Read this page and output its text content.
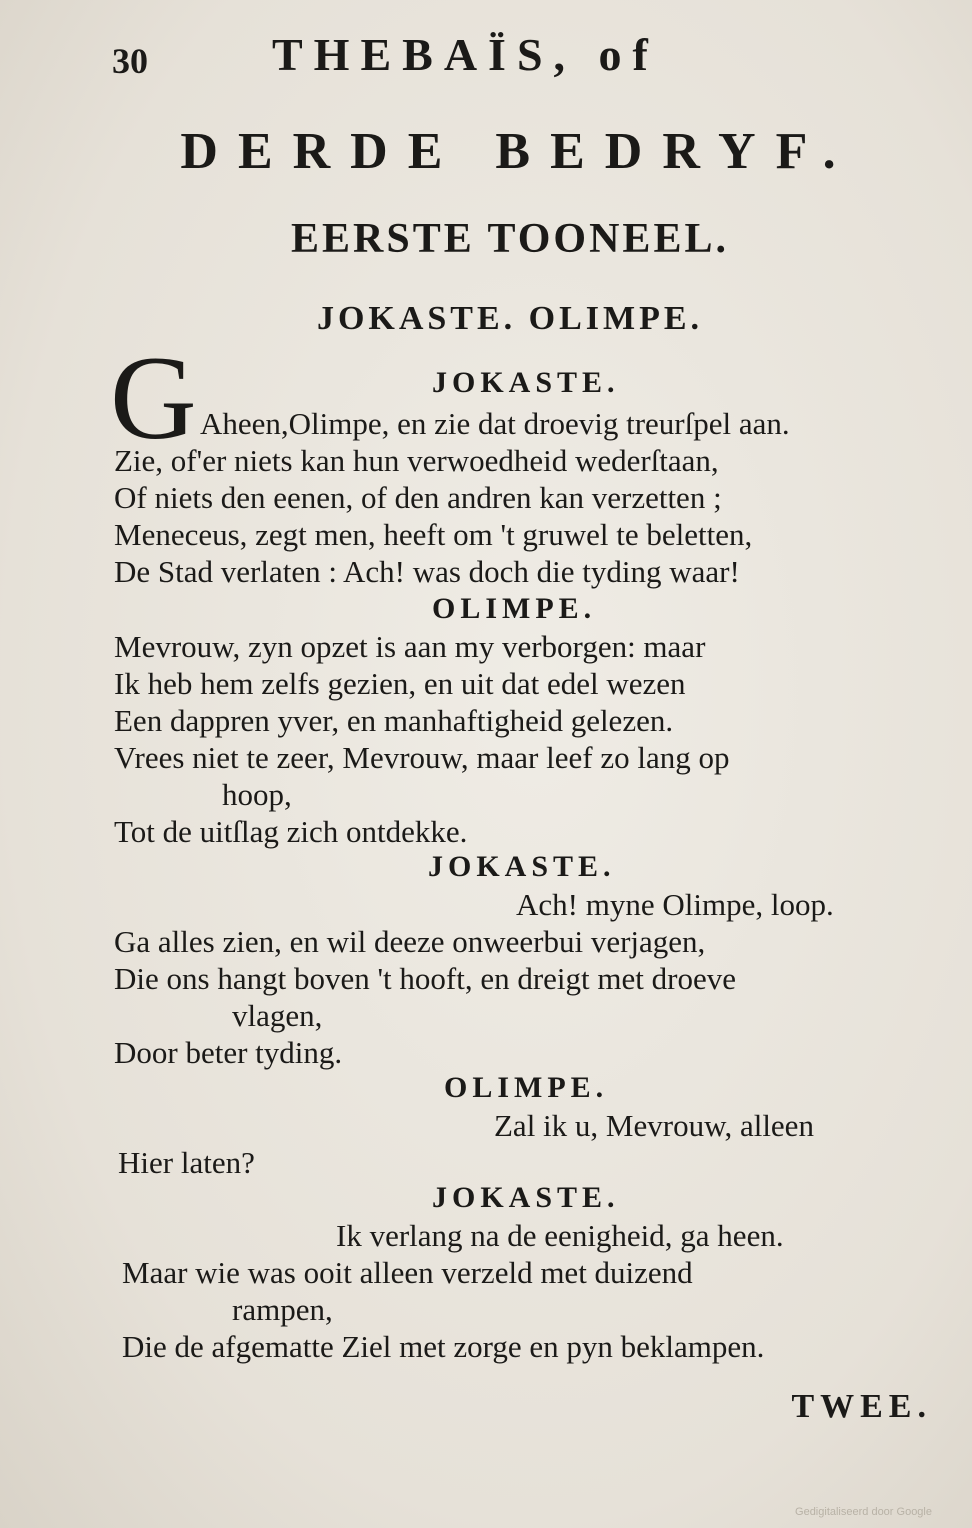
30	THEBAÏS, of
DERDE BEDRYF.
EERSTE TOONEEL.
JOKASTE. OLIMPE.
G	JOKASTE.
Aheen,Olimpe, en zie dat droevig treurſpel aan.
Zie, of'er niets kan hun verwoedheid wederſtaan,
Of niets den eenen, of den andren kan verzetten ;
Meneceus, zegt men, heeft om 't gruwel te beletten,
De Stad verlaten : Ach! was doch die tyding waar!
OLIMPE.
Mevrouw, zyn opzet is aan my verborgen: maar
Ik heb hem zelfs gezien, en uit dat edel wezen
Een dappren yver, en manhaftigheid gelezen.
Vrees niet te zeer, Mevrouw, maar leef zo lang op
hoop,
Tot de uitſlag zich ontdekke.
JOKASTE.
Ach! myne Olimpe, loop.
Ga alles zien, en wil deeze onweerbui verjagen,
Die ons hangt boven 't hooft, en dreigt met droeve
vlagen,
Door beter tyding.
OLIMPE.
Zal ik u, Mevrouw, alleen
Hier laten?
JOKASTE.
Ik verlang na de eenigheid, ga heen.
Maar wie was ooit alleen verzeld met duizend
rampen,
Die de afgematte Ziel met zorge en pyn beklampen.
TWEE.
Gedigitaliseerd door Google
